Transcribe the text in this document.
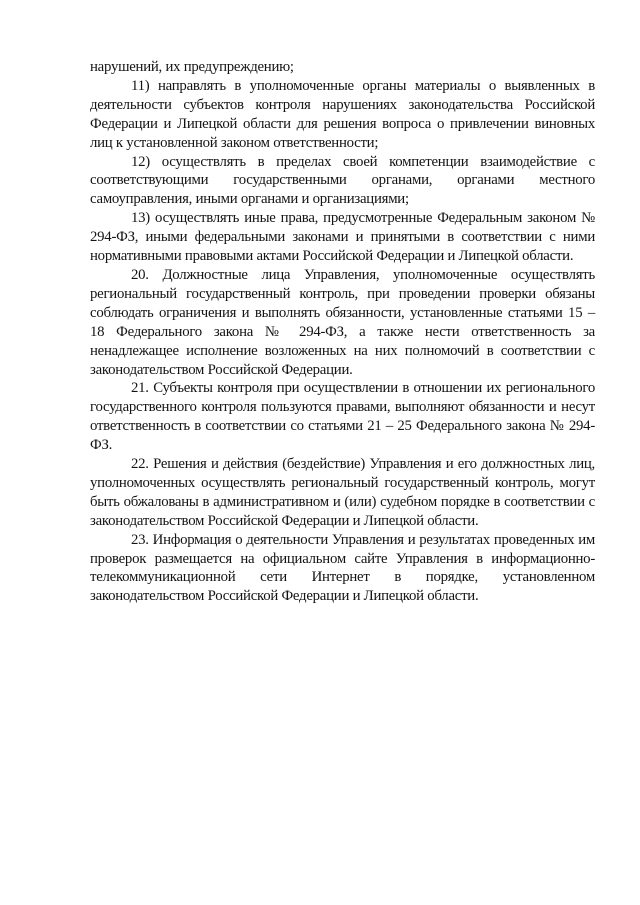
нарушений, их предупреждению;

11) направлять в уполномоченные органы материалы о выявленных в деятельности субъектов контроля нарушениях законодательства Российской Федерации и Липецкой области для решения вопроса о привлечении виновных лиц к установленной законом ответственности;

12) осуществлять в пределах своей компетенции взаимодействие с соответствующими государственными органами, органами местного самоуправления, иными органами и организациями;

13) осуществлять иные права, предусмотренные Федеральным законом № 294-ФЗ, иными федеральными законами и принятыми в соответствии с ними нормативными правовыми актами Российской Федерации и Липецкой области.

20. Должностные лица Управления, уполномоченные осуществлять региональный государственный контроль, при проведении проверки обязаны соблюдать ограничения и выполнять обязанности, установленные статьями 15 – 18 Федерального закона № 294-ФЗ, а также нести ответственность за ненадлежащее исполнение возложенных на них полномочий в соответствии с законодательством Российской Федерации.

21. Субъекты контроля при осуществлении в отношении их регионального государственного контроля пользуются правами, выполняют обязанности и несут ответственность в соответствии со статьями 21 – 25 Федерального закона № 294-ФЗ.

22. Решения и действия (бездействие) Управления и его должностных лиц, уполномоченных осуществлять региональный государственный контроль, могут быть обжалованы в административном и (или) судебном порядке в соответствии с законодательством Российской Федерации и Липецкой области.

23. Информация о деятельности Управления и результатах проведенных им проверок размещается на официальном сайте Управления в информационно-телекоммуникационной сети Интернет в порядке, установленном законодательством Российской Федерации и Липецкой области.
